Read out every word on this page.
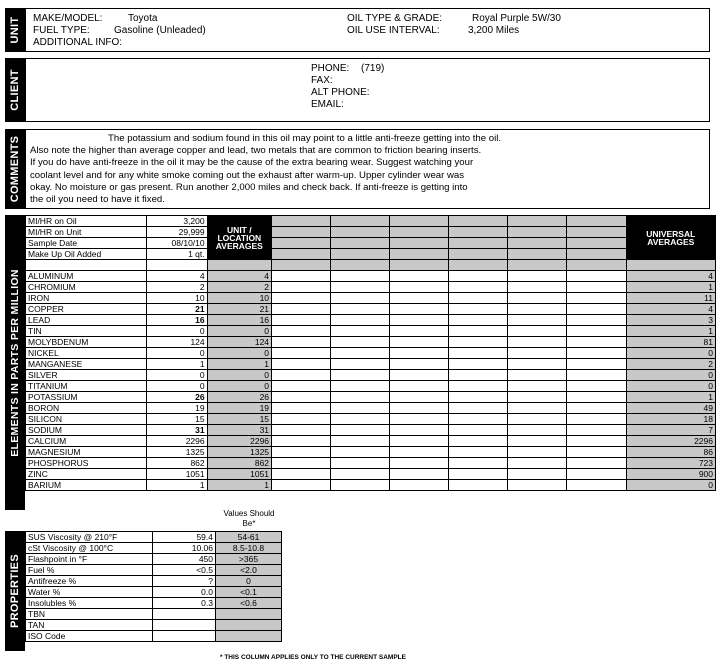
UNIT MAKE/MODEL:	Toyota
FUEL TYPE: Gasoline (Unleaded)
ADDITIONAL INFO:
OIL TYPE & GRADE:	Royal Purple 5W/30
OIL USE INTERVAL:	3,200 Miles
CLIENT
PHONE: (719)
FAX:
ALT PHONE:
EMAIL:
COMMENTS	The potassium and sodium found in this oil may point to a little anti-freeze getting into the oil.
Also note the higher than average copper and lead, two metals that are common to friction bearing inserts.
If you do have anti-freeze in the oil it may be the cause of the extra bearing wear. Suggest watching your
coolant level and for any white smoke coming out the exhaust after warm-up. Upper cylinder wear was
okay. No moisture or gas present. Run another 2,000 miles and check back. If anti-freeze is getting into
the oil you need to have it fixed.
ELEMENTS IN PARTS PER MILLION
MI/HR on Oil	3,200	UNIT / LOCATION AVERAGES							UNIVERSAL AVERAGES
MI/HR on Unit	29,999								
Sample Date	08/10/10								
Make Up Oil Added	1 qt.								

ALUMINUM	4	4							4
CHROMIUM	2	2							1
IRON	10	10							11
COPPER	21	21							4
LEAD	16	16							3
TIN	0	0							1
MOLYBDENUM	124	124							81
NICKEL	0	0							0
MANGANESE	1	1							2
SILVER	0	0							0
TITANIUM	0	0							0
POTASSIUM	26	26							1
BORON	19	19							49
SILICON	15	15							18
SODIUM	31	31							7
CALCIUM	2296	2296							2296
MAGNESIUM	1325	1325							86
PHOSPHORUS	862	862							723
ZINC	1051	1051							900
BARIUM	1	1							0
PROPERTIES
Values Should Be*
SUS Viscosity @ 210°F	59.4	54-61	
cSt Viscosity @ 100°C	10.06	8.5-10.8	
Flashpoint in °F	450	>365	
Fuel %	<0.5	<2.0	
Antifreeze %	?	0	
Water %	0.0	<0.1	
Insolubles %	0.3	<0.6	
TBN			
TAN			
ISO Code			
* THIS COLUMN APPLIES ONLY TO THE CURRENT SAMPLE
